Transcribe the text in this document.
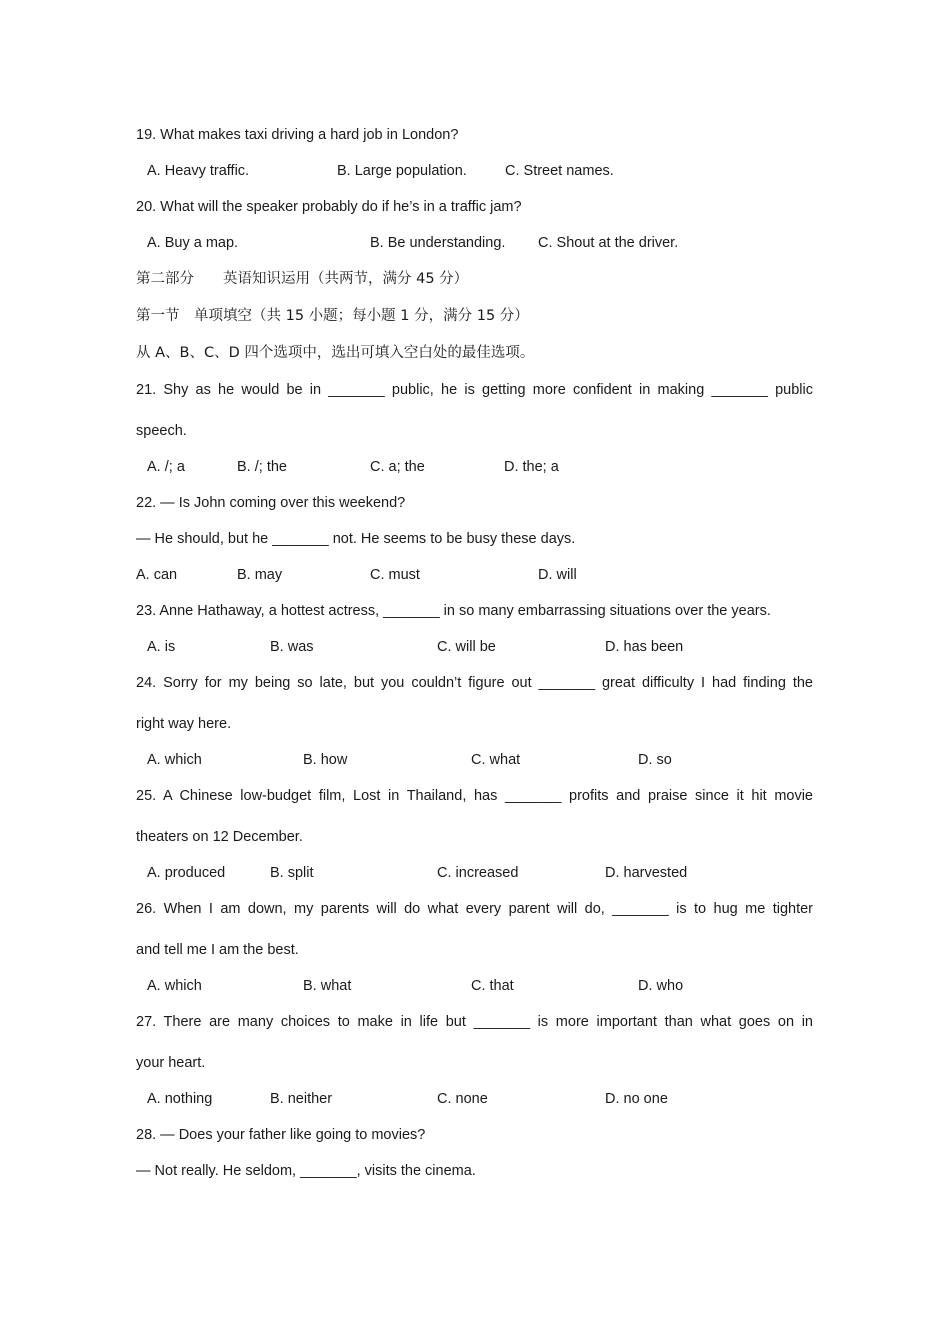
19. What makes taxi driving a hard job in London?
A. Heavy traffic.	B. Large population.	C. Street names.
20. What will the speaker probably do if he’s in a traffic jam?
A. Buy a map.	B. Be understanding. C. Shout at the driver.
第二部分　　英语知识运用（共两节，满分 45 分）
第一节　单项填空（共 15 小题；每小题 1 分，满分 15 分）
从 A、B、C、D 四个选项中，选出可填入空白处的最佳选项。
21. Shy as he would be in _______ public, he is getting more confident in making _______ public
speech.
A. /; a	B. /; the	C. a; the	D. the; a
22. — Is John coming over this weekend?
— He should, but he _______ not. He seems to be busy these days.
A. can	B. may	C. must	D. will
23. Anne Hathaway, a hottest actress, _______ in so many embarrassing situations over the years.
A. is	B. was	C. will be	D. has been
24. Sorry for my being so late, but you couldn’t figure out _______ great difficulty I had finding the
right way here.
A. which	B. how	C. what	D. so
25. A Chinese low-budget film, Lost in Thailand, has _______ profits and praise since it hit movie
theaters on 12 December.
A. produced	B. split	C. increased	D. harvested
26. When I am down, my parents will do what every parent will do, _______ is to hug me tighter
and tell me I am the best.
A. which	B. what	C. that	D. who
27. There are many choices to make in life but _______ is more important than what goes on in
your heart.
A. nothing	B. neither	C. none	D. no one
28. — Does your father like going to movies?
— Not really. He seldom, _______, visits the cinema.
